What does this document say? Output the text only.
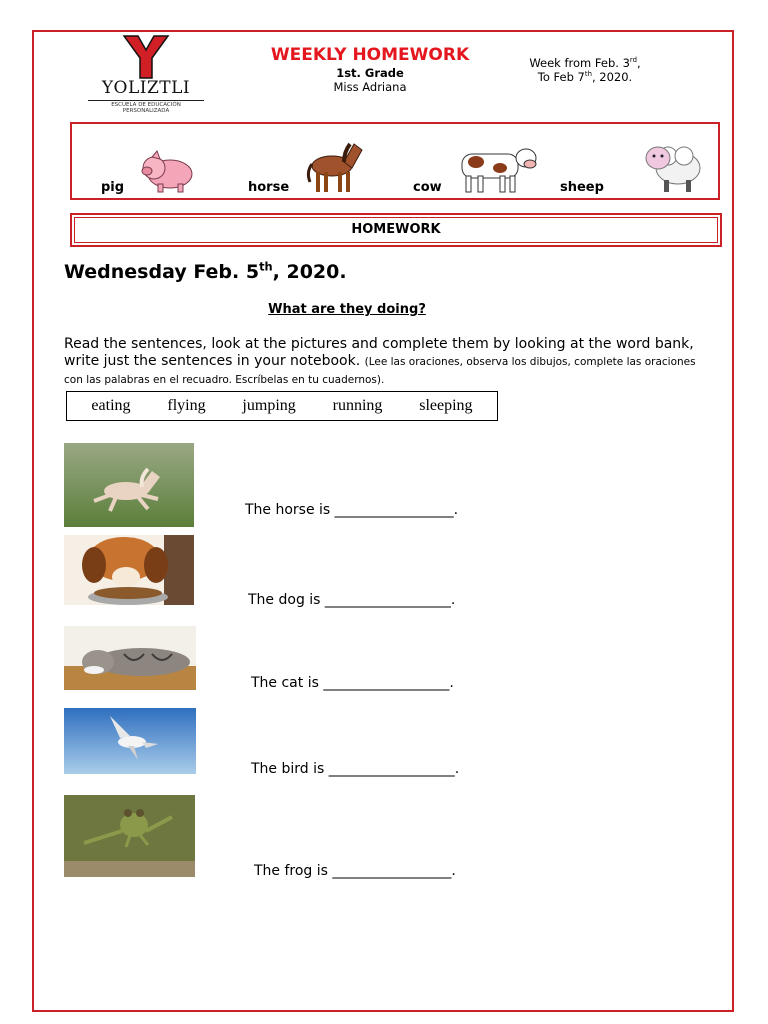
YOLIZTLI
ESCUELA DE EDUCACIÓN PERSONALIZADA
WEEKLY HOMEWORK
1st. Grade
Miss Adriana
Week from Feb. 3rd,
To Feb 7th, 2020.
pig	horse	cow	sheep
HOMEWORK
Wednesday Feb. 5th, 2020.
What are they doing?
Read the sentences, look at the pictures and complete them by looking at the word bank, write just the sentences in your notebook. (Lee las oraciones, observa los dibujos, complete las oraciones con las palabras en el recuadro. Escríbelas en tu cuadernos).
eating flying jumping running sleeping
The horse is _________________.
The dog is __________________.
The cat is __________________.
The bird is __________________.
The frog is _________________.
